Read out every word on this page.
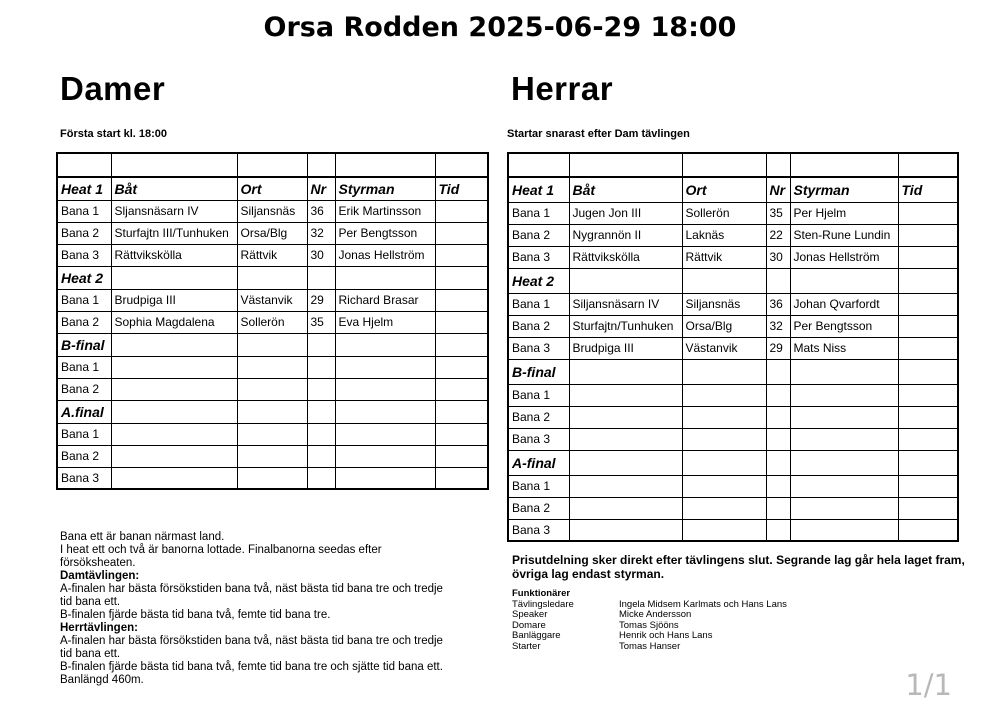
Orsa Rodden 2025-06-29 18:00
Damer
Första start kl. 18:00

Heat 1	Båt	Ort	Nr	Styrman	Tid
Bana 1	Sljansnäsarn IV	Siljansnäs	36	Erik Martinsson	
Bana 2	Sturfajtn III/Tunhuken	Orsa/Blg	32	Per Bengtsson	
Bana 3	Rättvikskölla	Rättvik	30	Jonas Hellström	
Heat 2					
Bana 1	Brudpiga III	Västanvik	29	Richard Brasar	
Bana 2	Sophia Magdalena	Sollerön	35	Eva Hjelm	
B-final					
Bana 1					
Bana 2					
A.final					
Bana 1					
Bana 2					
Bana 3					
Herrar
Startar snarast efter Dam tävlingen

Heat 1	Båt	Ort	Nr	Styrman	Tid
Bana 1	Jugen Jon III	Sollerön	35	Per Hjelm	
Bana 2	Nygrannön II	Laknäs	22	Sten-Rune Lundin	
Bana 3	Rättvikskölla	Rättvik	30	Jonas Hellström	
Heat 2					
Bana 1	Siljansnäsarn IV	Siljansnäs	36	Johan Qvarfordt	
Bana 2	Sturfajtn/Tunhuken	Orsa/Blg	32	Per Bengtsson	
Bana 3	Brudpiga III	Västanvik	29	Mats Niss	
B-final					
Bana 1					
Bana 2					
Bana 3					
A-final					
Bana 1					
Bana 2					
Bana 3					
Bana ett är banan närmast land.
I heat ett och två är banorna lottade. Finalbanorna seedas efter försöksheaten.
Damtävlingen:
A-finalen har bästa försökstiden bana två, näst bästa tid bana tre och tredje tid bana ett.
B-finalen fjärde bästa tid bana två, femte tid bana tre.
Herrtävlingen:
A-finalen har bästa försökstiden bana två, näst bästa tid bana tre och tredje tid bana ett.
B-finalen fjärde bästa tid bana två, femte tid bana tre och sjätte tid bana ett.
Banlängd 460m.
Prisutdelning sker direkt efter tävlingens slut. Segrande lag går hela laget fram, övriga lag endast styrman.
Funktionärer
Tävlingsledare	Ingela Midsem Karlmats och Hans Lans
Speaker	Micke Andersson
Domare	Tomas Sjööns
Banläggare	Henrik och Hans Lans
Starter	Tomas Hanser
1/1
